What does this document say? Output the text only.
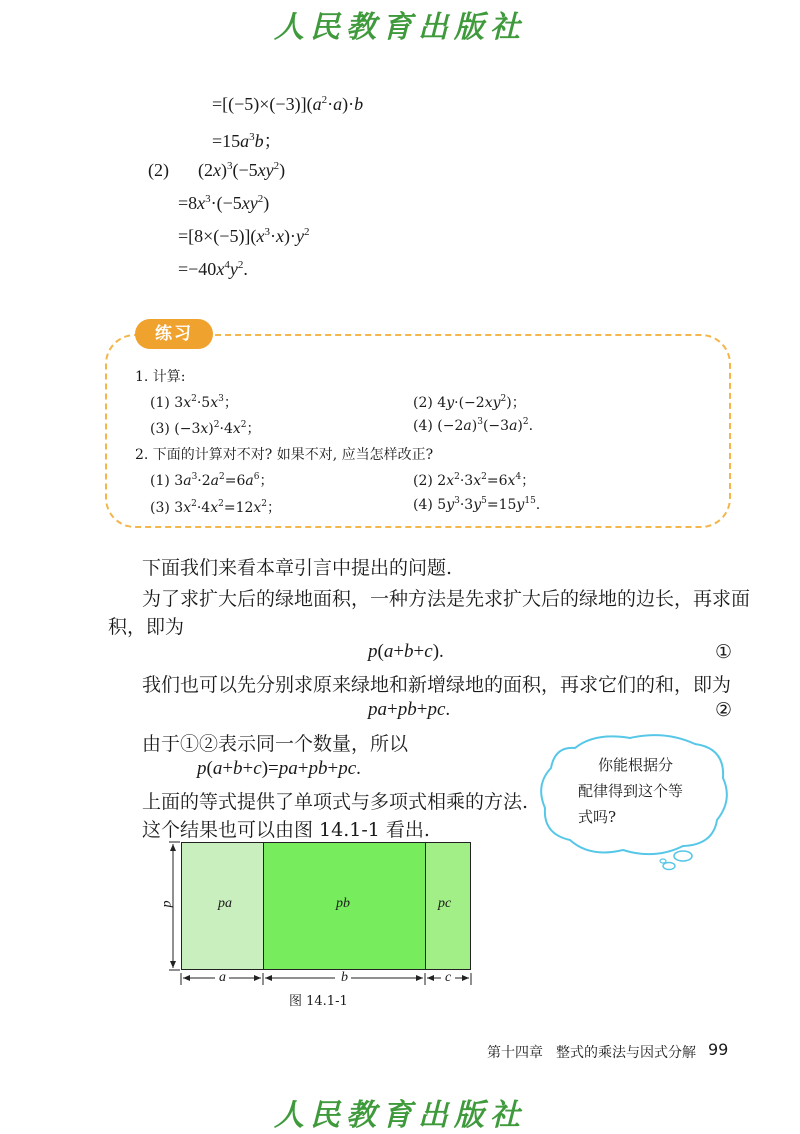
人民教育出版社
$=[(-5)\times(-3)](a^2\cdot a)\cdot b$
$=15a^3b$；
(2) $(2x)^3(-5xy^2)$
$=8x^3\cdot(-5xy^2)$
$=[8\times(-5)](x^3\cdot x)\cdot y^2$
$=-40x^4y^2$.
练习
1. 计算:
(1) $3x^2\cdot 5x^3$；	(2) $4y\cdot(-2xy^2)$；
(3) $(-3x)^2\cdot 4x^2$；	(4) $(-2a)^3(-3a)^2$.
2. 下面的计算对不对? 如果不对, 应当怎样改正?
(1) $3a^3\cdot 2a^2=6a^6$；	(2) $2x^2\cdot 3x^2=6x^4$；
(3) $3x^2\cdot 4x^2=12x^2$；	(4) $5y^3\cdot 3y^5=15y^{15}$.
下面我们来看本章引言中提出的问题.
为了求扩大后的绿地面积，一种方法是先求扩大后的绿地的边长，再求面
积，即为
p(a+b+c).	①
我们也可以先分别求原来绿地和新增绿地的面积，再求它们的和，即为
pa+pb+pc.	②
由于①②表示同一个数量，所以
p(a+b+c)=pa+pb+pc.
上面的等式提供了单项式与多项式相乘的方法.
这个结果也可以由图 14.1-1 看出.
你能根据分
配律得到这个等
式吗?
pa	pb	pc
p
a	b	c
图 14.1-1
第十四章 整式的乘法与因式分解 99
人民教育出版社
